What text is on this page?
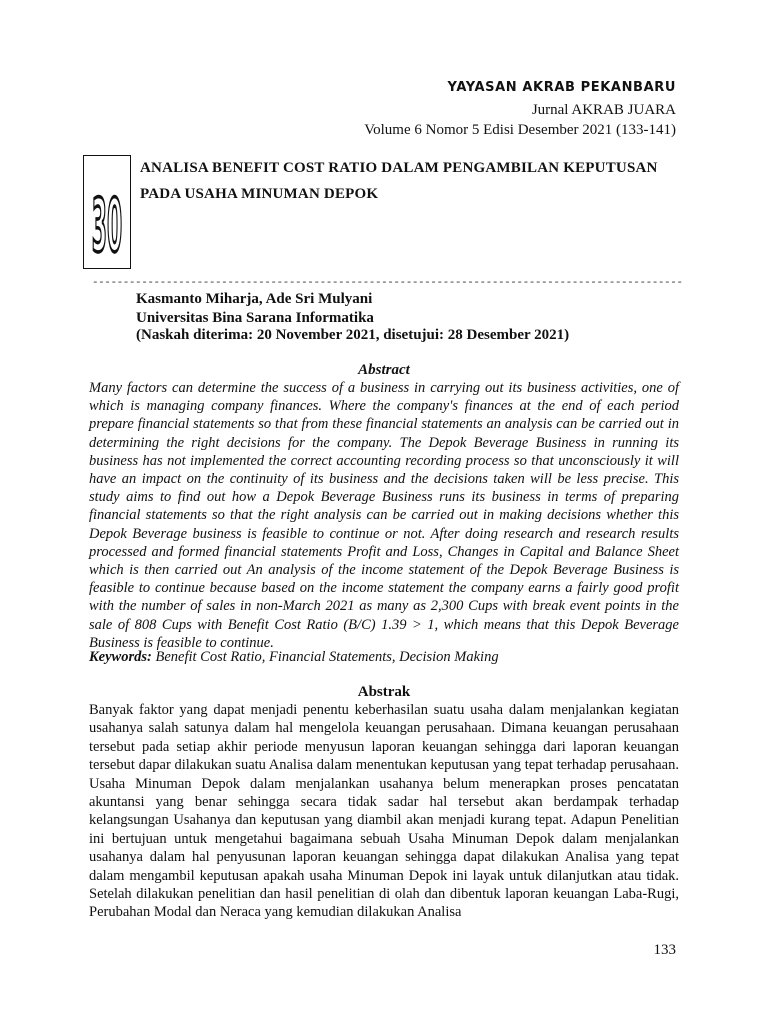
YAYASAN AKRAB PEKANBARU
Jurnal AKRAB JUARA
Volume 6 Nomor 5 Edisi Desember 2021 (133-141)
30
ANALISA BENEFIT COST RATIO DALAM PENGAMBILAN KEPUTUSAN
PADA USAHA MINUMAN DEPOK
------------------------------------------------------------------------------------------------
Kasmanto Miharja, Ade Sri Mulyani
Universitas Bina Sarana Informatika
(Naskah diterima: 20 November 2021, disetujui: 28 Desember 2021)
Abstract
Many factors can determine the success of a business in carrying out its business activities, one of which is managing company finances. Where the company's finances at the end of each period prepare financial statements so that from these financial statements an analysis can be carried out in determining the right decisions for the company. The Depok Beverage Business in running its business has not implemented the correct accounting recording process so that unconsciously it will have an impact on the continuity of its business and the decisions taken will be less precise. This study aims to find out how a Depok Beverage Business runs its business in terms of preparing financial statements so that the right analysis can be carried out in making decisions whether this Depok Beverage business is feasible to continue or not. After doing research and research results processed and formed financial statements Profit and Loss, Changes in Capital and Balance Sheet which is then carried out An analysis of the income statement of the Depok Beverage Business is feasible to continue because based on the income statement the company earns a fairly good profit with the number of sales in non-March 2021 as many as 2,300 Cups with break event points in the sale of 808 Cups with Benefit Cost Ratio (B/C) 1.39 > 1, which means that this Depok Beverage Business is feasible to continue.
Keywords: Benefit Cost Ratio, Financial Statements, Decision Making
Abstrak
Banyak faktor yang dapat menjadi penentu keberhasilan suatu usaha dalam menjalankan kegiatan usahanya salah satunya dalam hal mengelola keuangan perusahaan. Dimana keuangan perusahaan tersebut pada setiap akhir periode menyusun laporan keuangan sehingga dari laporan keuangan tersebut dapar dilakukan suatu Analisa dalam menentukan keputusan yang tepat terhadap perusahaan. Usaha Minuman Depok dalam menjalankan usahanya belum menerapkan proses pencatatan akuntansi yang benar sehingga secara tidak sadar hal tersebut akan berdampak terhadap kelangsungan Usahanya dan keputusan yang diambil akan menjadi kurang tepat. Adapun Penelitian ini bertujuan untuk mengetahui bagaimana sebuah Usaha Minuman Depok dalam menjalankan usahanya dalam hal penyusunan laporan keuangan sehingga dapat dilakukan Analisa yang tepat dalam mengambil keputusan apakah usaha Minuman Depok ini layak untuk dilanjutkan atau tidak. Setelah dilakukan penelitian dan hasil penelitian di olah dan dibentuk laporan keuangan Laba-Rugi, Perubahan Modal dan Neraca yang kemudian dilakukan Analisa
133
